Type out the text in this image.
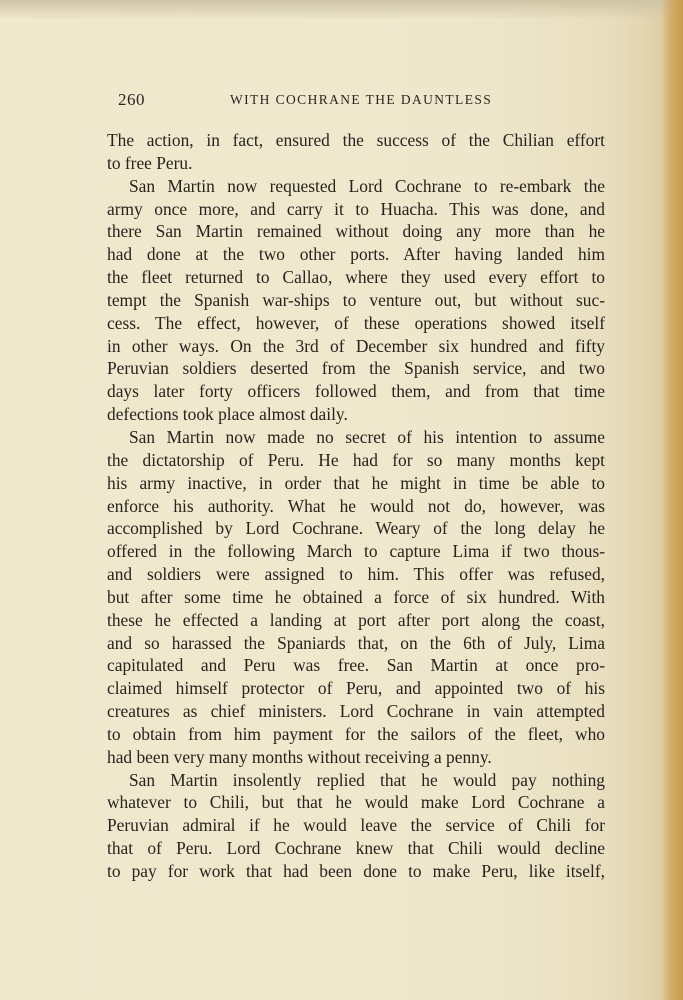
260	WITH COCHRANE THE DAUNTLESS
The action, in fact, ensured the success of the Chilian effort
to free Peru.
San Martin now requested Lord Cochrane to re-embark the
army once more, and carry it to Huacha. This was done, and
there San Martin remained without doing any more than he
had done at the two other ports. After having landed him
the fleet returned to Callao, where they used every effort to
tempt the Spanish war-ships to venture out, but without suc-
cess. The effect, however, of these operations showed itself
in other ways. On the 3rd of December six hundred and fifty
Peruvian soldiers deserted from the Spanish service, and two
days later forty officers followed them, and from that time
defections took place almost daily.
San Martin now made no secret of his intention to assume
the dictatorship of Peru. He had for so many months kept
his army inactive, in order that he might in time be able to
enforce his authority. What he would not do, however, was
accomplished by Lord Cochrane. Weary of the long delay he
offered in the following March to capture Lima if two thous-
and soldiers were assigned to him. This offer was refused,
but after some time he obtained a force of six hundred. With
these he effected a landing at port after port along the coast,
and so harassed the Spaniards that, on the 6th of July, Lima
capitulated and Peru was free. San Martin at once pro-
claimed himself protector of Peru, and appointed two of his
creatures as chief ministers. Lord Cochrane in vain attempted
to obtain from him payment for the sailors of the fleet, who
had been very many months without receiving a penny.
San Martin insolently replied that he would pay nothing
whatever to Chili, but that he would make Lord Cochrane a
Peruvian admiral if he would leave the service of Chili for
that of Peru. Lord Cochrane knew that Chili would decline
to pay for work that had been done to make Peru, like itself,
